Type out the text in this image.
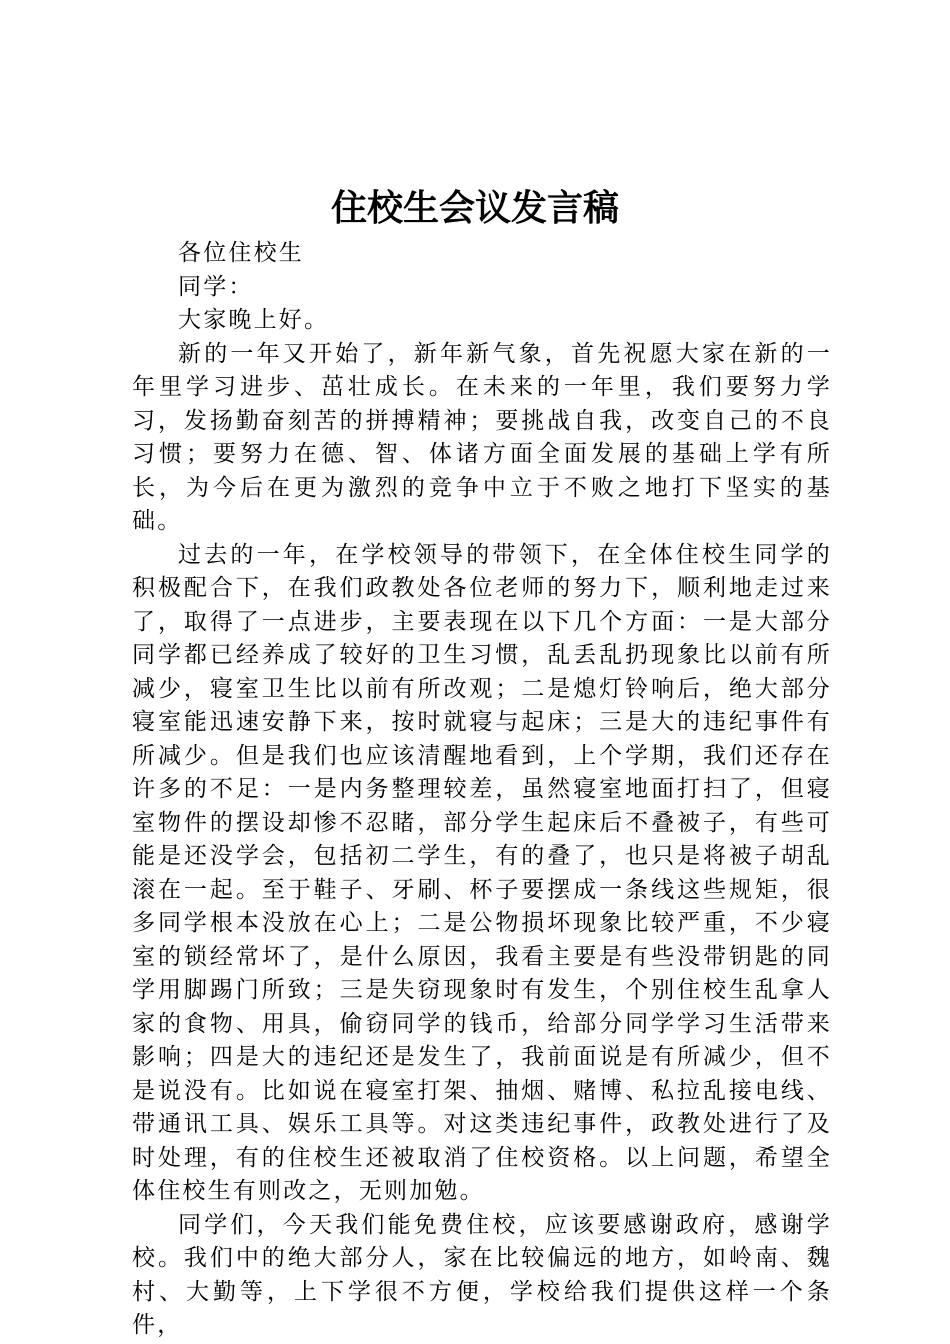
住校生会议发言稿

各位住校生

同学：

大家晚上好。

新的一年又开始了，新年新气象，首先祝愿大家在新的一年里学习进步、茁壮成长。在未来的一年里，我们要努力学习，发扬勤奋刻苦的拼搏精神；要挑战自我，改变自己的不良习惯；要努力在德、智、体诸方面全面发展的基础上学有所长，为今后在更为激烈的竞争中立于不败之地打下坚实的基础。

过去的一年，在学校领导的带领下，在全体住校生同学的积极配合下，在我们政教处各位老师的努力下，顺利地走过来了，取得了一点进步，主要表现在以下几个方面：一是大部分同学都已经养成了较好的卫生习惯，乱丢乱扔现象比以前有所减少，寝室卫生比以前有所改观；二是熄灯铃响后，绝大部分寝室能迅速安静下来，按时就寝与起床；三是大的违纪事件有所减少。但是我们也应该清醒地看到，上个学期，我们还存在许多的不足：一是内务整理较差，虽然寝室地面打扫了，但寝室物件的摆设却惨不忍睹，部分学生起床后不叠被子，有些可能是还没学会，包括初二学生，有的叠了，也只是将被子胡乱滚在一起。至于鞋子、牙刷、杯子要摆成一条线这些规矩，很多同学根本没放在心上；二是公物损坏现象比较严重，不少寝室的锁经常坏了，是什么原因，我看主要是有些没带钥匙的同学用脚踢门所致；三是失窃现象时有发生，个别住校生乱拿人家的食物、用具，偷窃同学的钱币，给部分同学学习生活带来影响；四是大的违纪还是发生了，我前面说是有所减少，但不是说没有。比如说在寝室打架、抽烟、赌博、私拉乱接电线、带通讯工具、娱乐工具等。对这类违纪事件，政教处进行了及时处理，有的住校生还被取消了住校资格。以上问题，希望全体住校生有则改之，无则加勉。

同学们，今天我们能免费住校，应该要感谢政府，感谢学校。我们中的绝大部分人，家在比较偏远的地方，如岭南、魏村、大勤等，上下学很不方便，学校给我们提供这样一个条件，
